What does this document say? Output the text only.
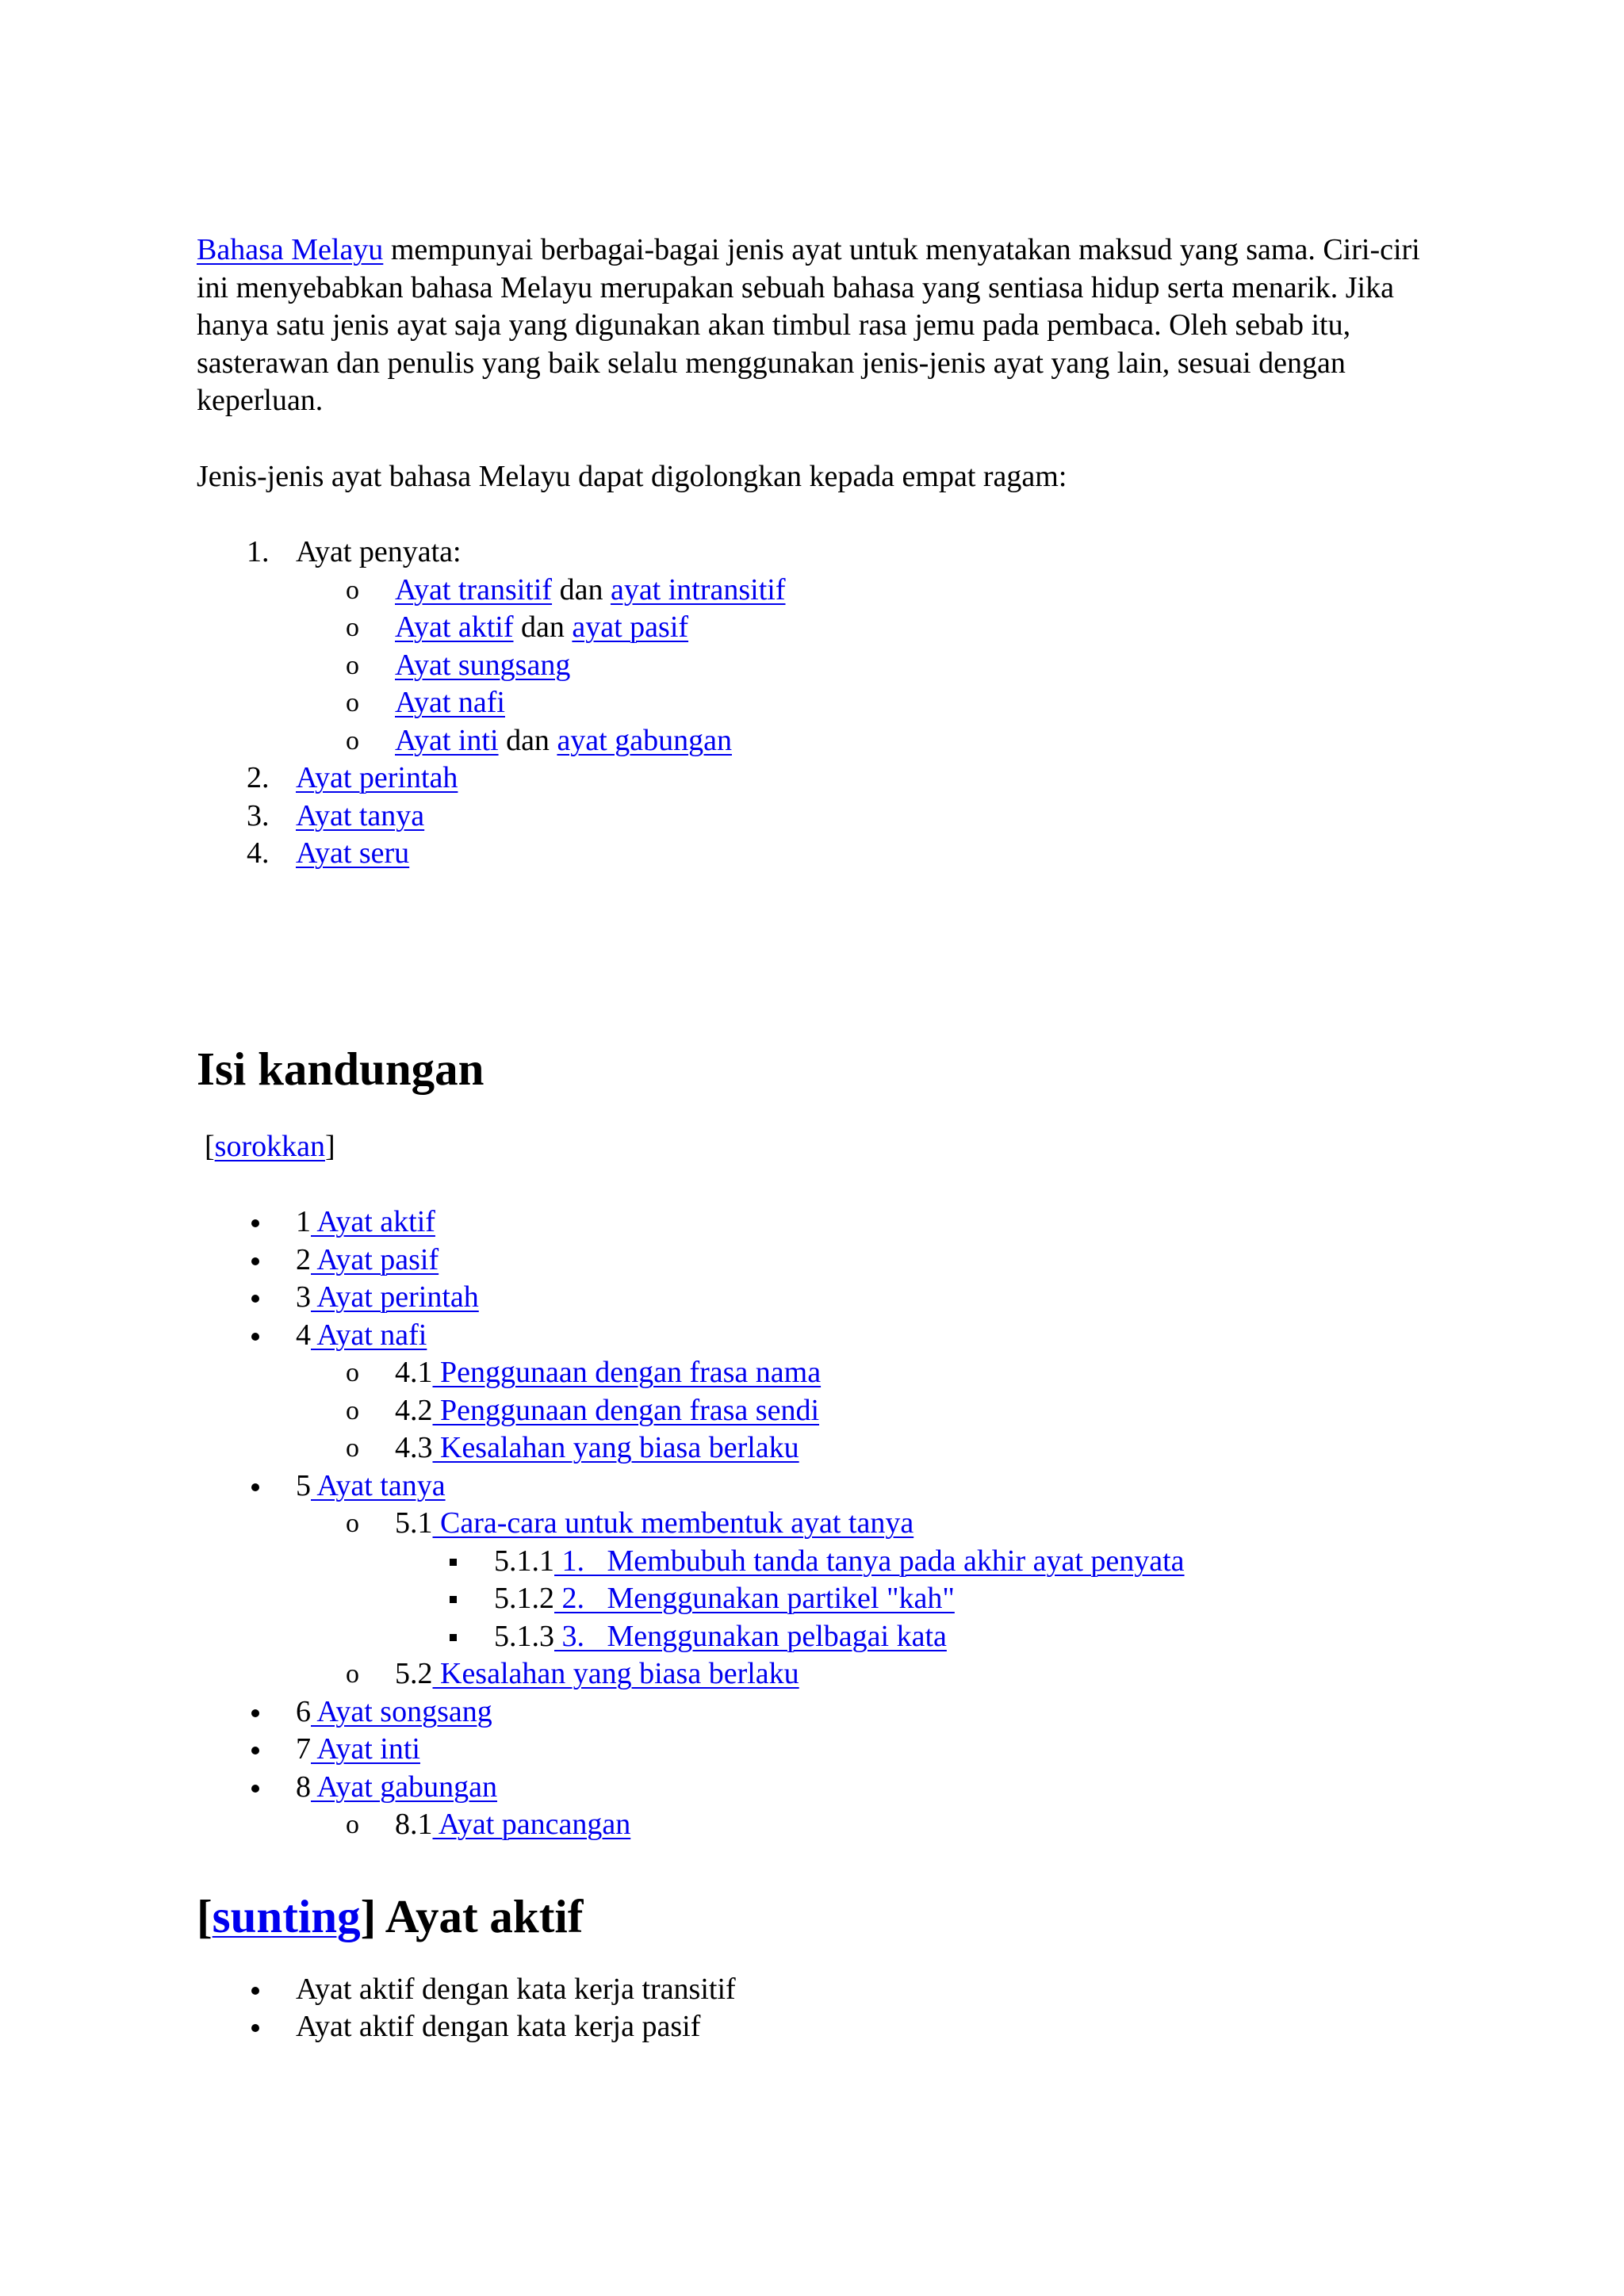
Bahasa Melayu mempunyai berbagai-bagai jenis ayat untuk menyatakan maksud yang sama. Ciri-ciri ini menyebabkan bahasa Melayu merupakan sebuah bahasa yang sentiasa hidup serta menarik. Jika hanya satu jenis ayat saja yang digunakan akan timbul rasa jemu pada pembaca. Oleh sebab itu, sasterawan dan penulis yang baik selalu menggunakan jenis-jenis ayat yang lain, sesuai dengan keperluan.

Jenis-jenis ayat bahasa Melayu dapat digolongkan kepada empat ragam:

1. Ayat penyata:
o Ayat transitif dan ayat intransitif
o Ayat aktif dan ayat pasif
o Ayat sungsang
o Ayat nafi
o Ayat inti dan ayat gabungan
2. Ayat perintah
3. Ayat tanya
4. Ayat seru
Isi kandungan

[sorokkan]

1 Ayat aktif
2 Ayat pasif
3 Ayat perintah
4 Ayat nafi
o 4.1 Penggunaan dengan frasa nama
o 4.2 Penggunaan dengan frasa sendi
o 4.3 Kesalahan yang biasa berlaku
5 Ayat tanya
o 5.1 Cara-cara untuk membentuk ayat tanya
5.1.1 1.   Membubuh tanda tanya pada akhir ayat penyata
5.1.2 2.   Menggunakan partikel "kah"
5.1.3 3.   Menggunakan pelbagai kata
o 5.2 Kesalahan yang biasa berlaku
6 Ayat songsang
7 Ayat inti
8 Ayat gabungan
o 8.1 Ayat pancangan
[sunting] Ayat aktif
Ayat aktif dengan kata kerja transitif
Ayat aktif dengan kata kerja pasif
